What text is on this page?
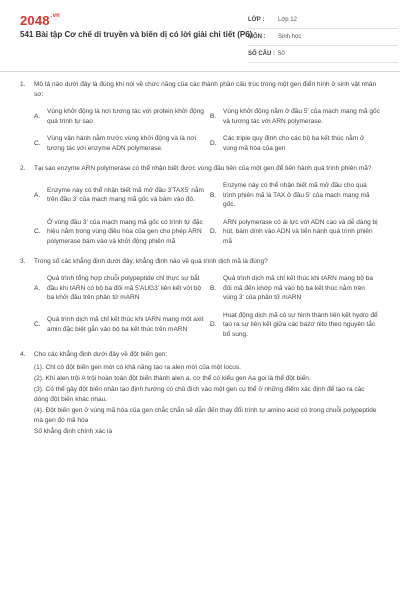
$2048^{.vn}$
541 Bài tập Cơ chế di truyền và biến dị có lời giải chi tiết (P6)
LỚP :	Lớp 12
MÔN :	Sinh học
SỐ CÂU : 50
1.	Mô tả nào dưới đây là đúng khi nói về chức năng của các thành phần cấu trúc trong một gen điển hình ở sinh vật nhân sơ:
A.
Vùng khởi động là nơi tương tác với protein khởi động quá trình tự sao
B.
Vùng khởi động nằm ở đầu 5' của mạch mang mã gốc và tương tác với ARN polymerase.
C.
Vùng vận hành nằm trước vùng khởi động và là nơi tương tác với enzyme ADN polymerase.
D.
Các triple quy định cho các bộ ba kết thúc nằm ở vùng mã hóa của gen
2.	Tại sao enzyme ARN polymerase có thể nhận biết được vùng đầu tiên của một gen để tiến hành quá trình phiên mã?
A.
Enzyme này có thể nhận biết mã mở đầu 3'TAX5' nằm trên đầu 3' của mạch mang mã gốc và bám vào đó.
B.
Enzyme này có thể nhận biết mã mở đầu cho quá trình phiên mã là TAX ở đầu 5' của mạch mang mã gốc.
C.
Ở vùng đầu 3' của mạch mang mã gốc có trình tự đặc hiệu nằm trong vùng điều hòa của gen cho phép ARN polymerase bám vào và khởi động phiên mã
D.
ARN polymerase có ái lực với ADN cao và dễ dàng bị hút, bám dính vào ADN và tiến hành quá trình phiên mã
3.	Trong số các khẳng định dưới đây, khẳng định nào về quá trình dịch mã là đúng?
A.
Quá trình tổng hợp chuỗi polypeptide chỉ thực sự bắt đầu khi tARN có bộ ba đối mã 5'AUG3' liên kết với bộ ba khởi đầu trên phân tử mARN
B.
Quá trình dịch mã chỉ kết thúc khi tARN mang bộ ba đối mã đến khớp mã vào bộ ba kết thúc nằm trên vùng 3' của phân tử mARN
C.
Quá trình dịch mã chỉ kết thúc khi tARN mang một axit amin đặc biệt gắn vào bộ ba kết thúc trên mARN
D.
Hoạt động dịch mã có sự hình thành liên kết hydro để tạo ra sự liên kết giữa các bazơ nito theo nguyên tắc bổ sung.
4.	Cho các khẳng định dưới đây về đột biến gen:
(1). Chỉ có đột biến gen mới có khả năng tạo ra alen mới của một locus.
(2). Khi alen trội A trội hoàn toàn đột biến thành alen a, cơ thể có kiểu gen Aa gọi là thể đột biến.
(3). Có thể gây đột biến nhân tạo định hướng có chủ đích vào một gen cụ thể ở những điểm xác định để tạo ra các dòng đột biến khác nhau.
(4). Đột biến gen ở vùng mã hóa của gen chắc chắn sẽ dẫn đến thay đổi trình tự amino acid có trong chuỗi polypeptide mà gen đó mã hóa
Số khẳng định chính xác là
